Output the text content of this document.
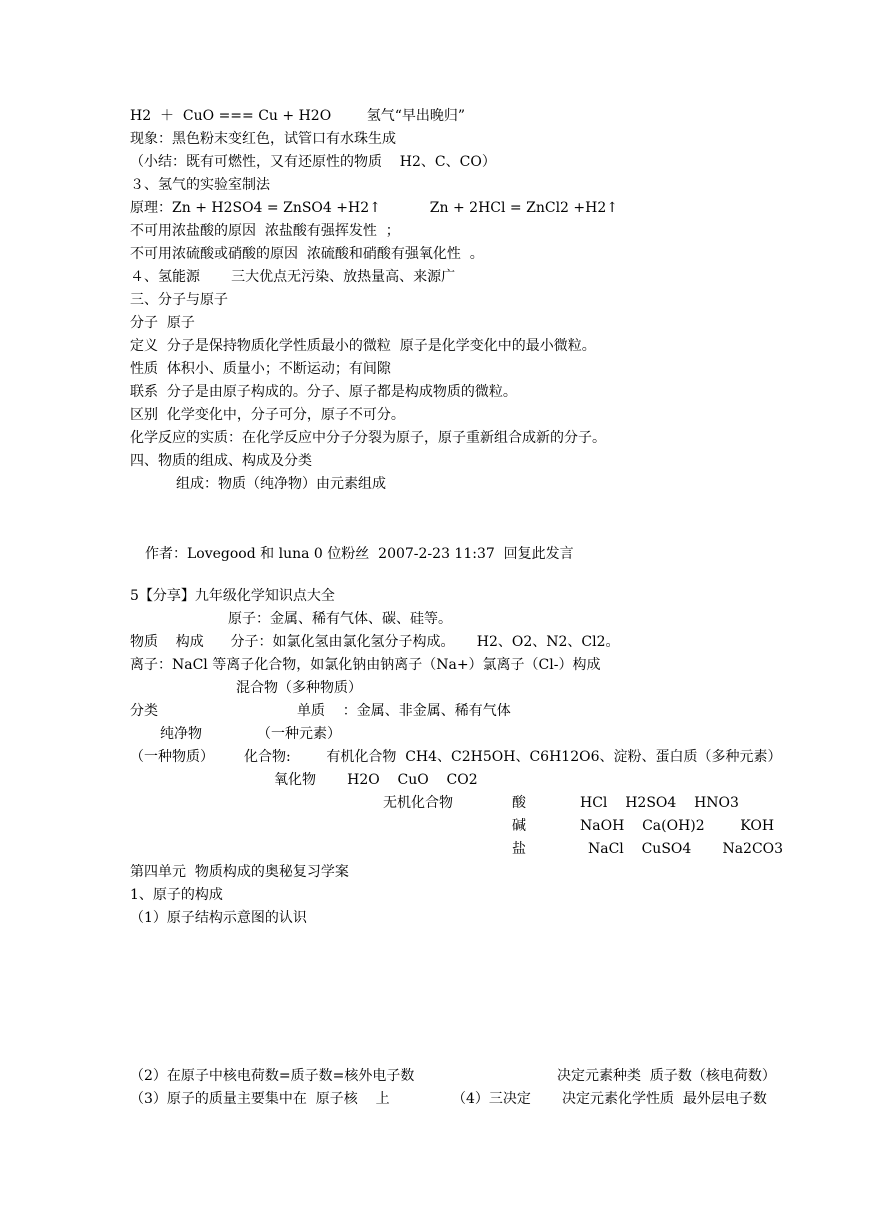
H2  ＋  CuO === Cu + H2O        氢气“早出晚归”
现象：黑色粉末变红色，试管口有水珠生成
（小结：既有可燃性，又有还原性的物质    H2、C、CO）
３、氢气的实验室制法
原理：Zn + H2SO4 = ZnSO4 +H2↑           Zn + 2HCl = ZnCl2 +H2↑
不可用浓盐酸的原因  浓盐酸有强挥发性  ；
不可用浓硫酸或硝酸的原因  浓硫酸和硝酸有强氧化性  。
４、氢能源       三大优点无污染、放热量高、来源广
三、分子与原子
分子  原子
定义  分子是保持物质化学性质最小的微粒  原子是化学变化中的最小微粒。
性质  体积小、质量小；不断运动；有间隙
联系  分子是由原子构成的。分子、原子都是构成物质的微粒。
区别  化学变化中，分子可分，原子不可分。
化学反应的实质：在化学反应中分子分裂为原子，原子重新组合成新的分子。
四、物质的组成、构成及分类
组成：物质（纯净物）由元素组成
作者：Lovegood 和 luna 0 位粉丝  2007-2-23 11:37  回复此发言
5【分享】九年级化学知识点大全
原子：金属、稀有气体、碳、硅等。
物质    构成      分子：如氯化氢由氯化氢分子构成。     H2、O2、N2、Cl2。
离子：NaCl 等离子化合物，如氯化钠由钠离子（Na+）氯离子（Cl-）构成
混合物（多种物质）
分类	单质    ：金属、非金属、稀有气体
纯净物	（一种元素）
（一种物质） 化合物:        有机化合物  CH4、C2H5OH、C6H12O6、淀粉、蛋白质（多种元素）
氧化物       H2O    CuO    CO2
无机化合物	酸	HCl    H2SO4    HNO3
碱	NaOH    Ca(OH)2        KOH
盐	NaCl    CuSO4       Na2CO3
第四单元  物质构成的奥秘复习学案
1、原子的构成
（1）原子结构示意图的认识
（2）在原子中核电荷数=质子数=核外电子数	决定元素种类  质子数（核电荷数）
（3）原子的质量主要集中在  原子核    上	（4）三决定 决定元素化学性质  最外层电子数
